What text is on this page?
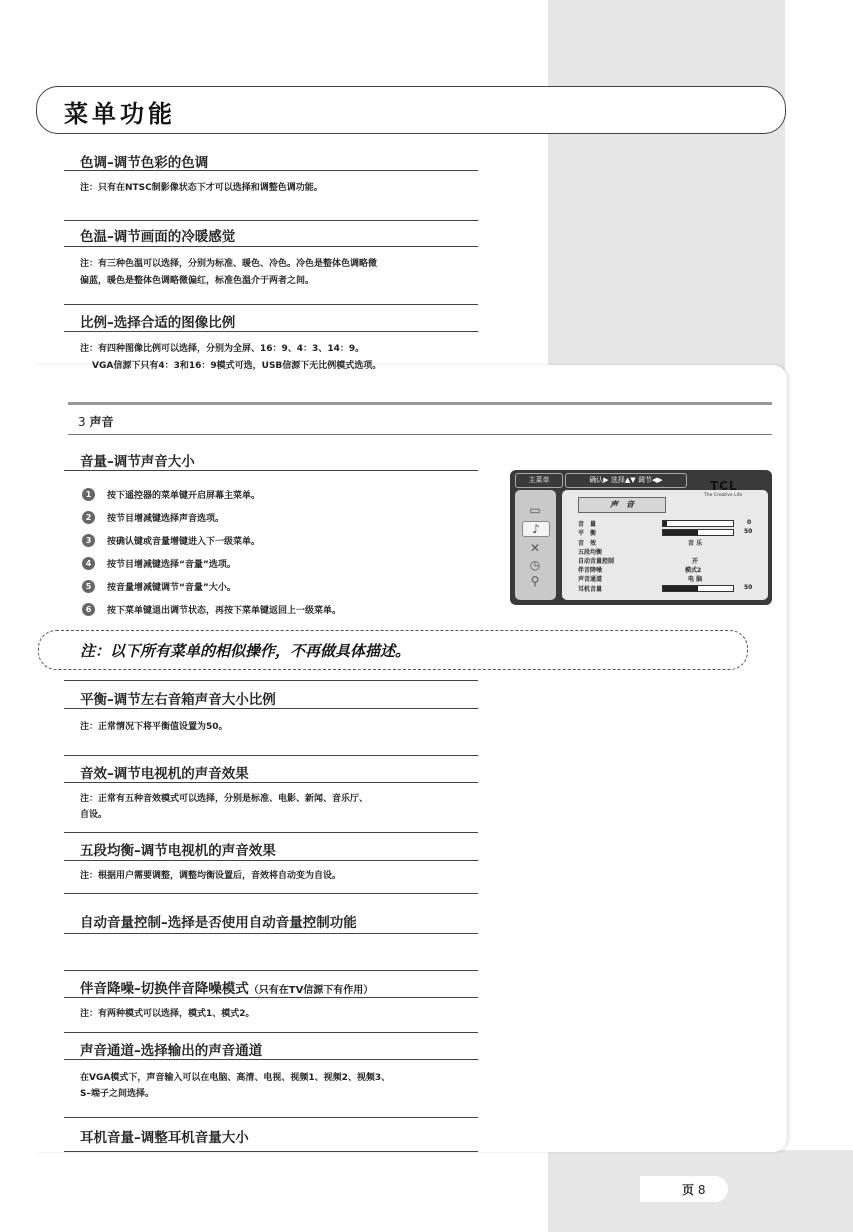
菜单功能
色调–调节色彩的色调
注：只有在NTSC制影像状态下才可以选择和调整色调功能。
色温–调节画面的冷暖感觉
注：有三种色温可以选择，分别为标准、暖色、冷色。冷色是整体色调略微
偏蓝，暖色是整体色调略微偏红，标准色温介于两者之间。
比例–选择合适的图像比例
注：有四种图像比例可以选择，分别为全屏、16：9、4：3、14：9。
VGA信源下只有4：3和16：9模式可选，USB信源下无比例模式选项。
3 声音
音量–调节声音大小
1	按下遥控器的菜单键开启屏幕主菜单。
2	按节目增减键选择声音选项。
3	按确认键或音量增键进入下一级菜单。
4	按节目增减键选择“音量”选项。
5	按音量增减键调节“音量”大小。
6	按下菜单键退出调节状态，再按下菜单键返回上一级菜单。
主菜单	确认▶ 选择▲▼ 调节◀▶
▭
♪
✕
◷
⚲
TCL
The Creative Life
声　音
音　量	0
平　衡	50
音　效	音 乐
五段均衡
自动音量控制	开
伴音降噪	模式2
声音通道	电 脑
耳机音量	50
注：以下所有菜单的相似操作，不再做具体描述。
平衡–调节左右音箱声音大小比例
注：正常情况下将平衡值设置为50。
音效–调节电视机的声音效果
注：正常有五种音效模式可以选择，分别是标准、电影、新闻、音乐厅、
自设。
五段均衡–调节电视机的声音效果
注：根据用户需要调整，调整均衡设置后，音效将自动变为自设。
自动音量控制–选择是否使用自动音量控制功能
伴音降噪–切换伴音降噪模式（只有在TV信源下有作用）
注：有两种模式可以选择，模式1、模式2。
声音通道–选择输出的声音通道
在VGA模式下，声音输入可以在电脑、高清、电视、视频1、视频2、视频3、
S–端子之间选择。
耳机音量–调整耳机音量大小
页 8
